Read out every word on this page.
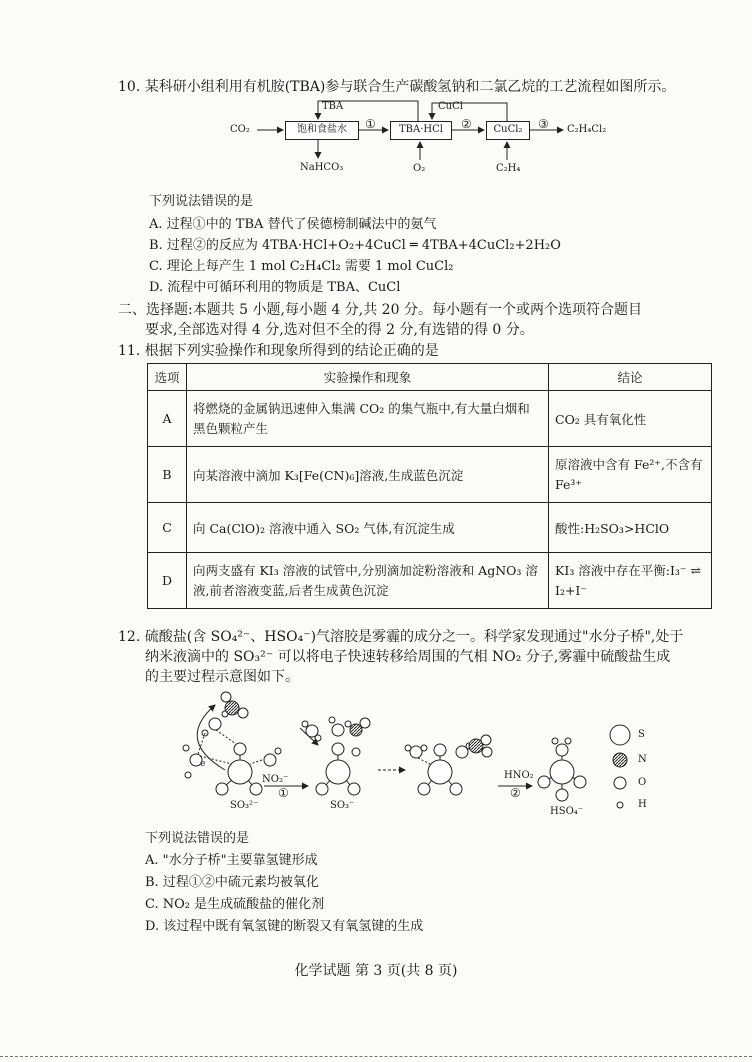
10. 某科研小组利用有机胺(TBA)参与联合生产碳酸氢钠和二氯乙烷的工艺流程如图所示。
CO₂	饱和食盐水	TBA·HCl	CuCl₂
TBA	CuCl
①	②	③
NaHCO₃	O₂	C₂H₄
C₂H₄Cl₂
下列说法错误的是
A. 过程①中的 TBA 替代了侯德榜制碱法中的氨气
B. 过程②的反应为 4TBA·HCl+O₂+4CuCl ═ 4TBA+4CuCl₂+2H₂O
C. 理论上每产生 1 mol C₂H₄Cl₂ 需要 1 mol CuCl₂
D. 流程中可循环利用的物质是 TBA、CuCl
二、选择题:本题共 5 小题,每小题 4 分,共 20 分。每小题有一个或两个选项符合题目
要求,全部选对得 4 分,选对但不全的得 2 分,有选错的得 0 分。
11. 根据下列实验操作和现象所得到的结论正确的是
选项	实验操作和现象	结论
A	将燃烧的金属钠迅速伸入集满 CO₂ 的集气瓶中,有大量白烟和黑色颗粒产生	CO₂ 具有氧化性
B	向某溶液中滴加 K₃[Fe(CN)₆]溶液,生成蓝色沉淀	原溶液中含有 Fe²⁺,不含有 Fe³⁺
C	向 Ca(ClO)₂ 溶液中通入 SO₂ 气体,有沉淀生成	酸性:H₂SO₃>HClO
D	向两支盛有 KI₃ 溶液的试管中,分别滴加淀粉溶液和 AgNO₃ 溶液,前者溶液变蓝,后者生成黄色沉淀	KI₃ 溶液中存在平衡:I₃⁻ ⇌ I₂+I⁻
12. 硫酸盐(含 SO₄²⁻、HSO₄⁻)气溶胶是雾霾的成分之一。科学家发现通过"水分子桥",处于
纳米液滴中的 SO₃²⁻ 可以将电子快速转移给周围的气相 NO₂ 分子,雾霾中硫酸盐生成
的主要过程示意图如下。
NO₂⁻
①
e
SO₃²⁻	SO₃⁻
HNO₂
②
HSO₄⁻
S
N
O
H
下列说法错误的是
A. "水分子桥"主要靠氢键形成
B. 过程①②中硫元素均被氧化
C. NO₂ 是生成硫酸盐的催化剂
D. 该过程中既有氧氢键的断裂又有氧氢键的生成
化学试题 第 3 页(共 8 页)
